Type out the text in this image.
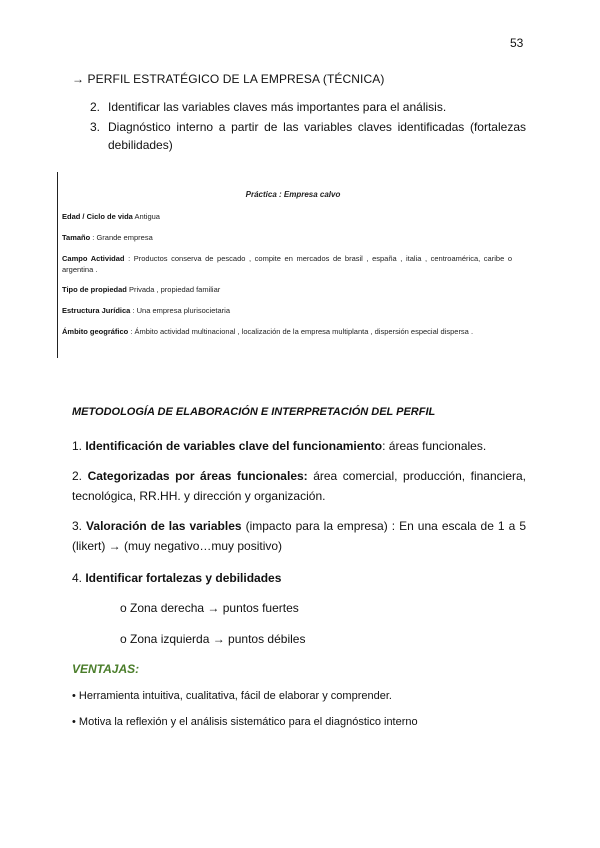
53
→ PERFIL ESTRATÉGICO DE LA EMPRESA (TÉCNICA)
2. Identificar las variables claves más importantes para el análisis.
3. Diagnóstico interno a partir de las variables claves identificadas (fortalezas debilidades)
Práctica : Empresa calvo
Edad / Ciclo de vida Antigua
Tamaño : Grande empresa
Campo Actividad : Productos conserva de pescado , compite en mercados de brasil , españa , italia , centroamérica, caribe o argentina .
Tipo de propiedad Privada , propiedad familiar
Estructura Jurídica : Una empresa plurisocietaria
Ámbito geográfico : Ámbito actividad multinacional , localización de la empresa multiplanta , dispersión especial dispersa .
METODOLOGÍA DE ELABORACIÓN E INTERPRETACIÓN DEL PERFIL
1. Identificación de variables clave del funcionamiento: áreas funcionales.
2. Categorizadas por áreas funcionales: área comercial, producción, financiera, tecnológica, RR.HH. y dirección y organización.
3. Valoración de las variables (impacto para la empresa) : En una escala de 1 a 5 (likert) → (muy negativo…muy positivo)
4. Identificar fortalezas y debilidades
o Zona derecha → puntos fuertes
o Zona izquierda → puntos débiles
VENTAJAS:
• Herramienta intuitiva, cualitativa, fácil de elaborar y comprender.
• Motiva la reflexión y el análisis sistemático para el diagnóstico interno
